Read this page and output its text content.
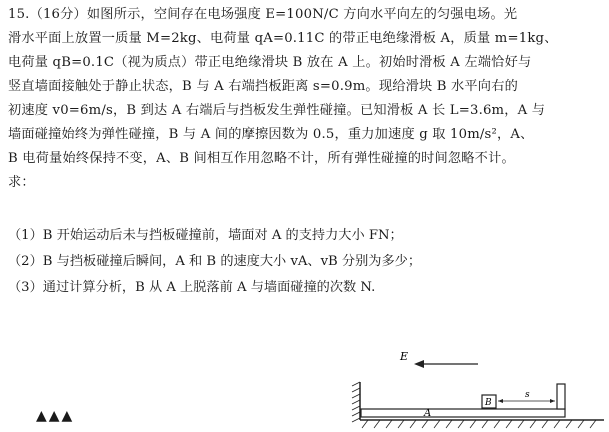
15.（16分）如图所示，空间存在电场强度 E=100N/C 方向水平向左的匀强电场。光

滑水平面上放置一质量 M=2kg、电荷量 qA=0.11C 的带正电绝缘滑板 A，质量 m=1kg、

电荷量 qB=0.1C（视为质点）带正电绝缘滑块 B 放在 A 上。初始时滑板 A 左端恰好与

竖直墙面接触处于静止状态，B 与 A 右端挡板距离 s=0.9m。现给滑块 B 水平向右的

初速度 v0=6m/s，B 到达 A 右端后与挡板发生弹性碰撞。已知滑板 A 长 L=3.6m，A 与

墙面碰撞始终为弹性碰撞，B 与 A 间的摩擦因数为 0.5，重力加速度 g 取 10m/s²，A、

B 电荷量始终保持不变，A、B 间相互作用忽略不计，所有弹性碰撞的时间忽略不计。

求：

（1）B 开始运动后未与挡板碰撞前，墙面对 A 的支持力大小 FN；
（2）B 与挡板碰撞后瞬间，A 和 B 的速度大小 vA、vB 分别为多少；
（3）通过计算分析，B 从 A 上脱落前 A 与墙面碰撞的次数 N.
▲▲▲
E
A
B
s
